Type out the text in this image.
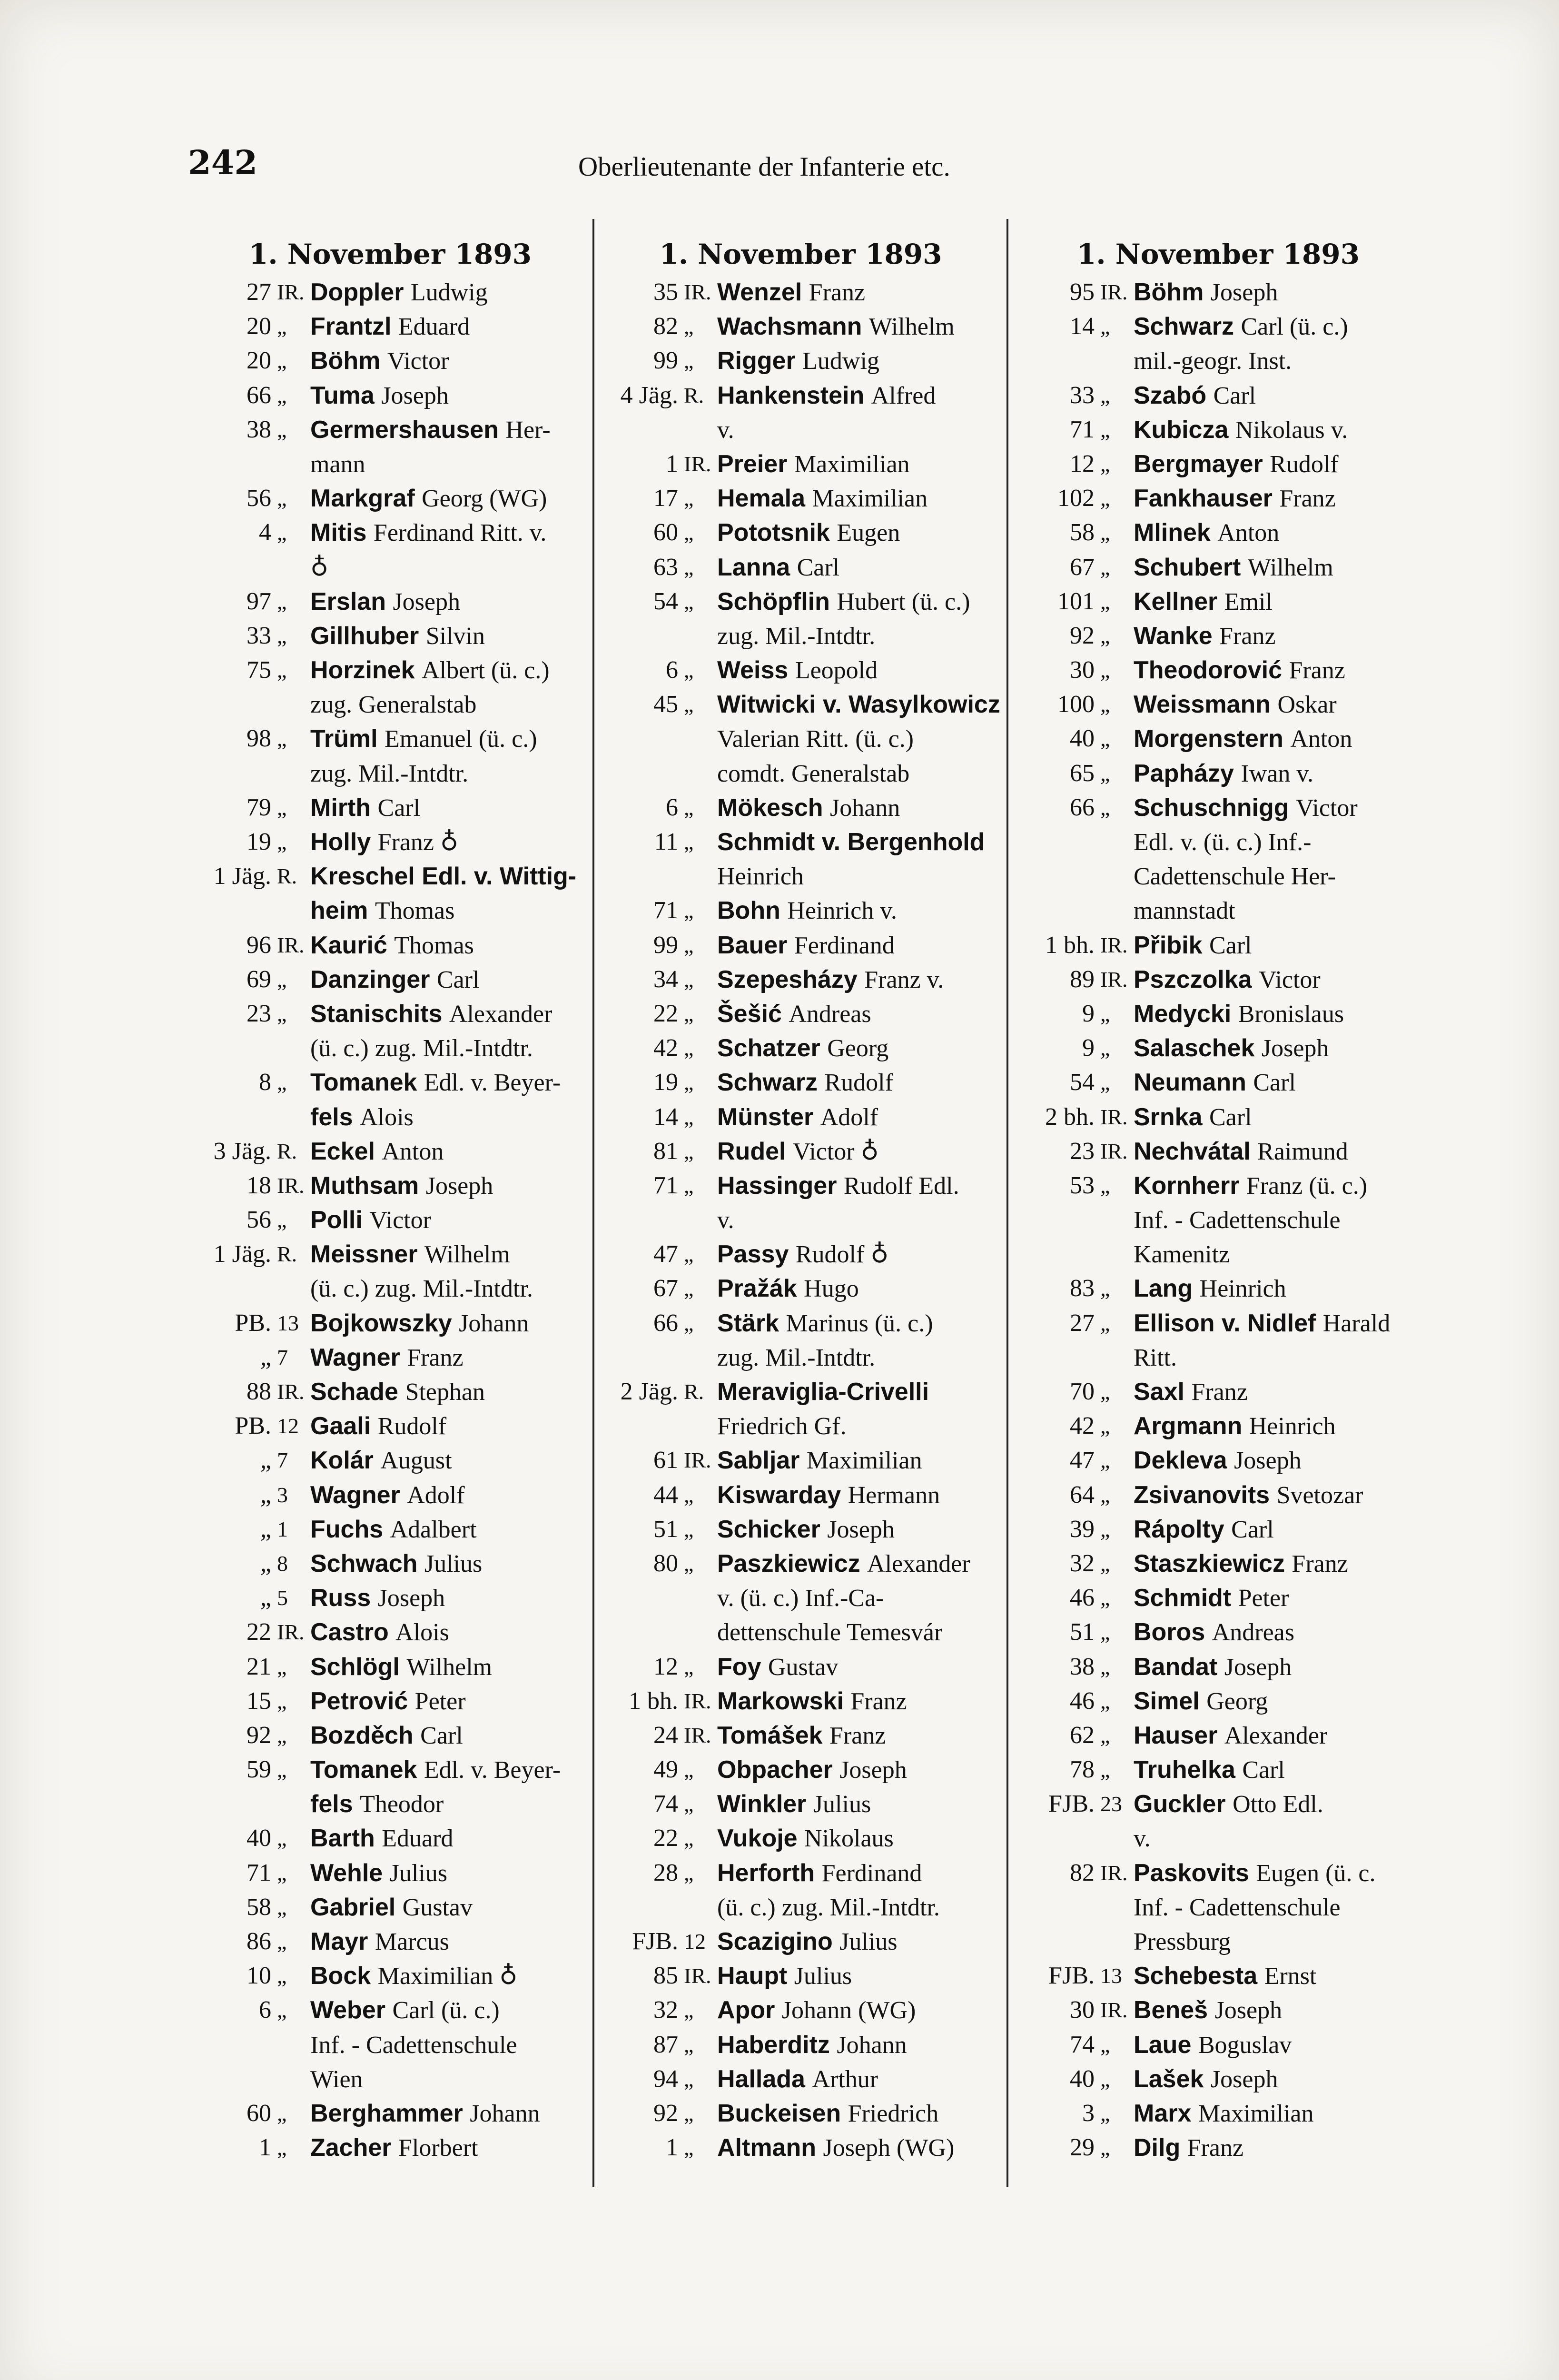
242	Oberlieutenante der Infanterie etc.
1. November 1893
27 IR. Doppler Ludwig
20 „ Frantzl Eduard
20 „ Böhm Victor
66 „ Tuma Joseph
38 „ Germershausen Her-
mann
56 „ Markgraf Georg (WG)
4 „ Mitis Ferdinand Ritt. v.
♁
97 „ Erslan Joseph
33 „ Gillhuber Silvin
75 „ Horzinek Albert (ü. c.)
zug. Generalstab
98 „ Trüml Emanuel (ü. c.)
zug. Mil.-Intdtr.
79 „ Mirth Carl
19 „ Holly Franz ♁
1 Jäg. R. Kreschel Edl. v. Wittig-
heim Thomas
96 IR. Kaurić Thomas
69 „ Danzinger Carl
23 „ Stanischits Alexander
(ü. c.) zug. Mil.-Intdtr.
8 „ Tomanek Edl. v. Beyer-
fels Alois
3 Jäg. R. Eckel Anton
18 IR. Muthsam Joseph
56 „ Polli Victor
1 Jäg. R. Meissner Wilhelm
(ü. c.) zug. Mil.-Intdtr.
PB. 13 Bojkowszky Johann
„ 7 Wagner Franz
88 IR. Schade Stephan
PB. 12 Gaali Rudolf
„ 7 Kolár August
„ 3 Wagner Adolf
„ 1 Fuchs Adalbert
„ 8 Schwach Julius
„ 5 Russ Joseph
22 IR. Castro Alois
21 „ Schlögl Wilhelm
15 „ Petrović Peter
92 „ Bozděch Carl
59 „ Tomanek Edl. v. Beyer-
fels Theodor
40 „ Barth Eduard
71 „ Wehle Julius
58 „ Gabriel Gustav
86 „ Mayr Marcus
10 „ Bock Maximilian ♁
6 „ Weber Carl (ü. c.)
Inf. - Cadettenschule
Wien
60 „ Berghammer Johann
1 „ Zacher Florbert
1. November 1893
35 IR. Wenzel Franz
82 „ Wachsmann Wilhelm
99 „ Rigger Ludwig
4 Jäg. R. Hankenstein Alfred
v.
1 IR. Preier Maximilian
17 „ Hemala Maximilian
60 „ Pototsnik Eugen
63 „ Lanna Carl
54 „ Schöpflin Hubert (ü. c.)
zug. Mil.-Intdtr.
6 „ Weiss Leopold
45 „ Witwicki v. Wasylkowicz
Valerian Ritt. (ü. c.)
comdt. Generalstab
6 „ Mökesch Johann
11 „ Schmidt v. Bergenhold
Heinrich
71 „ Bohn Heinrich v.
99 „ Bauer Ferdinand
34 „ Szepesházy Franz v.
22 „ Šešić Andreas
42 „ Schatzer Georg
19 „ Schwarz Rudolf
14 „ Münster Adolf
81 „ Rudel Victor ♁
71 „ Hassinger Rudolf Edl.
v.
47 „ Passy Rudolf ♁
67 „ Pražák Hugo
66 „ Stärk Marinus (ü. c.)
zug. Mil.-Intdtr.
2 Jäg. R. Meraviglia-Crivelli
Friedrich Gf.
61 IR. Sabljar Maximilian
44 „ Kiswarday Hermann
51 „ Schicker Joseph
80 „ Paszkiewicz Alexander
v. (ü. c.) Inf.-Ca-
dettenschule Temesvár
12 „ Foy Gustav
1 bh. IR. Markowski Franz
24 IR. Tomášek Franz
49 „ Obpacher Joseph
74 „ Winkler Julius
22 „ Vukoje Nikolaus
28 „ Herforth Ferdinand
(ü. c.) zug. Mil.-Intdtr.
FJB. 12 Scazigino Julius
85 IR. Haupt Julius
32 „ Apor Johann (WG)
87 „ Haberditz Johann
94 „ Hallada Arthur
92 „ Buckeisen Friedrich
1 „ Altmann Joseph (WG)
1. November 1893
95 IR. Böhm Joseph
14 „ Schwarz Carl (ü. c.)
mil.-geogr. Inst.
33 „ Szabó Carl
71 „ Kubicza Nikolaus v.
12 „ Bergmayer Rudolf
102 „ Fankhauser Franz
58 „ Mlinek Anton
67 „ Schubert Wilhelm
101 „ Kellner Emil
92 „ Wanke Franz
30 „ Theodorović Franz
100 „ Weissmann Oskar
40 „ Morgenstern Anton
65 „ Papházy Iwan v.
66 „ Schuschnigg Victor
Edl. v. (ü. c.) Inf.-
Cadettenschule Her-
mannstadt
1 bh. IR. Přibik Carl
89 IR. Pszczolka Victor
9 „ Medycki Bronislaus
9 „ Salaschek Joseph
54 „ Neumann Carl
2 bh. IR. Srnka Carl
23 IR. Nechvátal Raimund
53 „ Kornherr Franz (ü. c.)
Inf. - Cadettenschule
Kamenitz
83 „ Lang Heinrich
27 „ Ellison v. Nidlef Harald
Ritt.
70 „ Saxl Franz
42 „ Argmann Heinrich
47 „ Dekleva Joseph
64 „ Zsivanovits Svetozar
39 „ Rápolty Carl
32 „ Staszkiewicz Franz
46 „ Schmidt Peter
51 „ Boros Andreas
38 „ Bandat Joseph
46 „ Simel Georg
62 „ Hauser Alexander
78 „ Truhelka Carl
FJB. 23 Guckler Otto Edl.
v.
82 IR. Paskovits Eugen (ü. c.
Inf. - Cadettenschule
Pressburg
FJB. 13 Schebesta Ernst
30 IR. Beneš Joseph
74 „ Laue Boguslav
40 „ Lašek Joseph
3 „ Marx Maximilian
29 „ Dilg Franz
